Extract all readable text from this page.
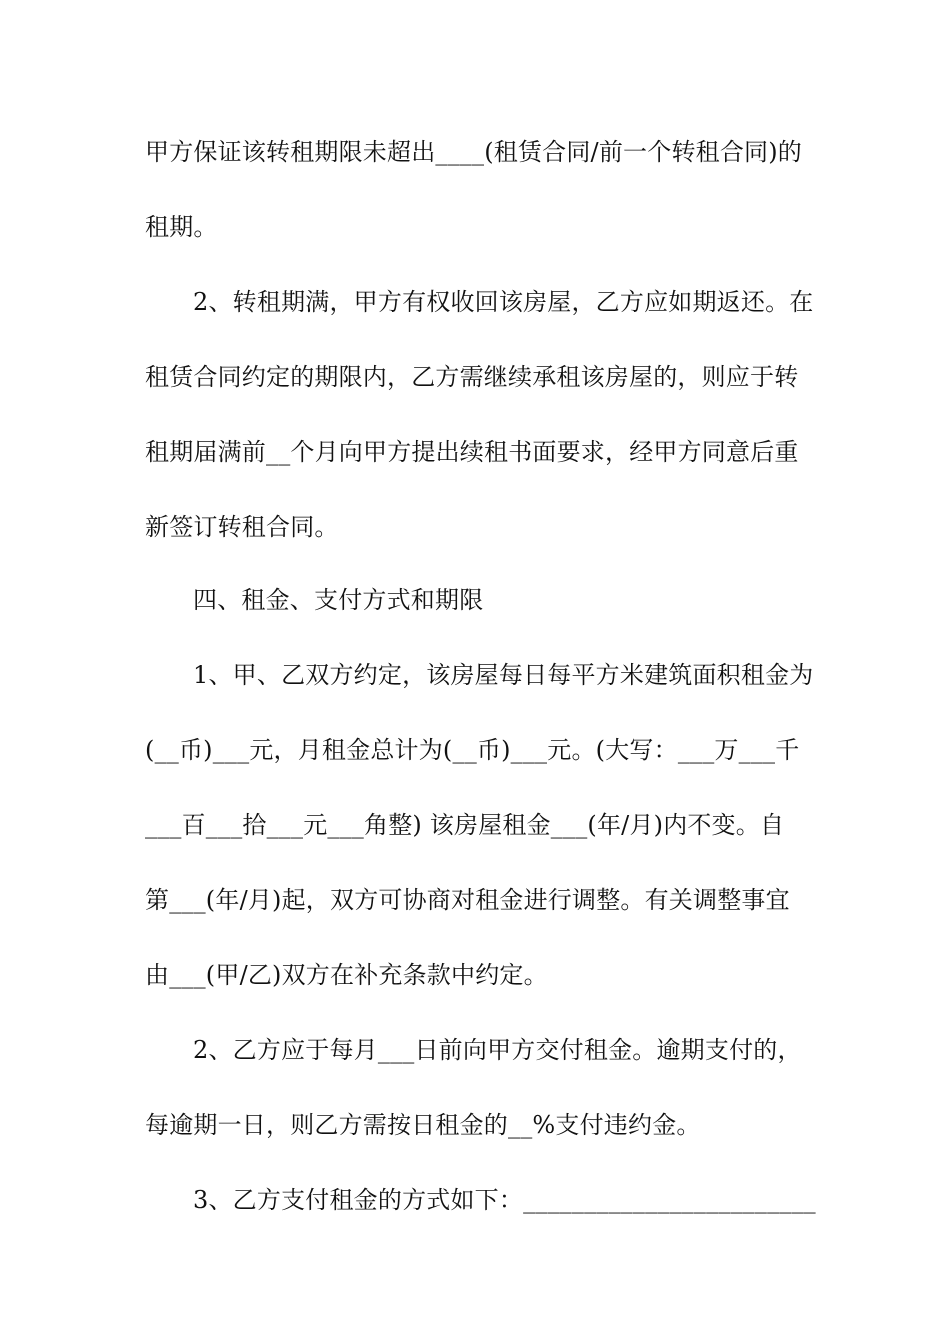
甲方保证该转租期限未超出____(租赁合同/前一个转租合同)的
租期。
2、转租期满，甲方有权收回该房屋，乙方应如期返还。在
租赁合同约定的期限内，乙方需继续承租该房屋的，则应于转
租期届满前__个月向甲方提出续租书面要求，经甲方同意后重
新签订转租合同。
四、租金、支付方式和期限
1、甲、乙双方约定，该房屋每日每平方米建筑面积租金为
(__币)___元，月租金总计为(__币)___元。(大写：___万___千
___百___拾___元___角整) 该房屋租金___(年/月)内不变。自
第___(年/月)起，双方可协商对租金进行调整。有关调整事宜
由___(甲/乙)双方在补充条款中约定。
2、乙方应于每月___日前向甲方交付租金。逾期支付的，
每逾期一日，则乙方需按日租金的__%支付违约金。
3、乙方支付租金的方式如下：________________________
